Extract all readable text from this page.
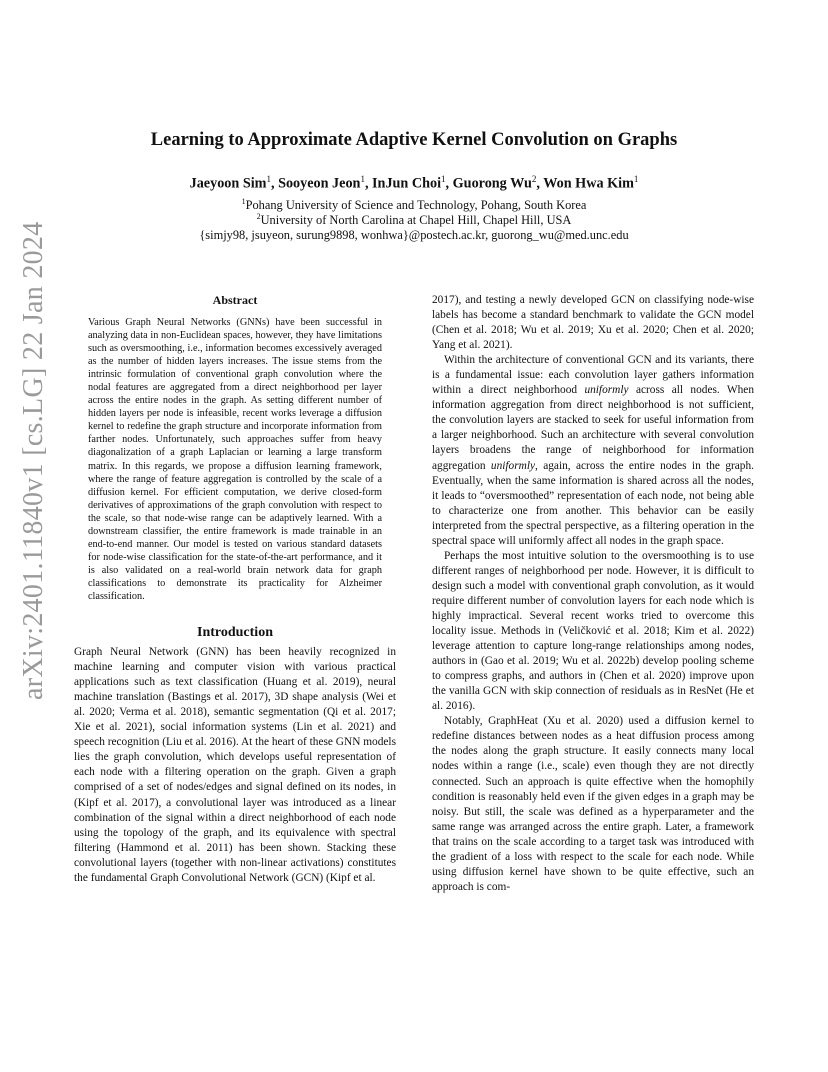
arXiv:2401.11840v1 [cs.LG] 22 Jan 2024
Learning to Approximate Adaptive Kernel Convolution on Graphs
Jaeyoon Sim$^1$, Sooyeon Jeon$^1$, InJun Choi$^1$, Guorong Wu$^2$, Won Hwa Kim$^1$
$^1$Pohang University of Science and Technology, Pohang, South Korea
$^2$University of North Carolina at Chapel Hill, Chapel Hill, USA
{simjy98, jsuyeon, surung9898, wonhwa}@postech.ac.kr, guorong_wu@med.unc.edu
Abstract

Various Graph Neural Networks (GNNs) have been successful in analyzing data in non-Euclidean spaces, however, they have limitations such as oversmoothing, i.e., information becomes excessively averaged as the number of hidden layers increases. The issue stems from the intrinsic formulation of conventional graph convolution where the nodal features are aggregated from a direct neighborhood per layer across the entire nodes in the graph. As setting different number of hidden layers per node is infeasible, recent works leverage a diffusion kernel to redefine the graph structure and incorporate information from farther nodes. Unfortunately, such approaches suffer from heavy diagonalization of a graph Laplacian or learning a large transform matrix. In this regards, we propose a diffusion learning framework, where the range of feature aggregation is controlled by the scale of a diffusion kernel. For efficient computation, we derive closed-form derivatives of approximations of the graph convolution with respect to the scale, so that node-wise range can be adaptively learned. With a downstream classifier, the entire framework is made trainable in an end-to-end manner. Our model is tested on various standard datasets for node-wise classification for the state-of-the-art performance, and it is also validated on a real-world brain network data for graph classifications to demonstrate its practicality for Alzheimer classification.

Introduction

Graph Neural Network (GNN) has been heavily recognized in machine learning and computer vision with various practical applications such as text classification (Huang et al. 2019), neural machine translation (Bastings et al. 2017), 3D shape analysis (Wei et al. 2020; Verma et al. 2018), semantic segmentation (Qi et al. 2017; Xie et al. 2021), social information systems (Lin et al. 2021) and speech recognition (Liu et al. 2016). At the heart of these GNN models lies the graph convolution, which develops useful representation of each node with a filtering operation on the graph. Given a graph comprised of a set of nodes/edges and signal defined on its nodes, in (Kipf et al. 2017), a convolutional layer was introduced as a linear combination of the signal within a direct neighborhood of each node using the topology of the graph, and its equivalence with spectral filtering (Hammond et al. 2011) has been shown. Stacking these convolutional layers (together with non-linear activations) constitutes the fundamental Graph Convolutional Network (GCN) (Kipf et al.

2017), and testing a newly developed GCN on classifying node-wise labels has become a standard benchmark to validate the GCN model (Chen et al. 2018; Wu et al. 2019; Xu et al. 2020; Chen et al. 2020; Yang et al. 2021).

Within the architecture of conventional GCN and its variants, there is a fundamental issue: each convolution layer gathers information within a direct neighborhood uniformly across all nodes. When information aggregation from direct neighborhood is not sufficient, the convolution layers are stacked to seek for useful information from a larger neighborhood. Such an architecture with several convolution layers broadens the range of neighborhood for information aggregation uniformly, again, across the entire nodes in the graph. Eventually, when the same information is shared across all the nodes, it leads to “oversmoothed” representation of each node, not being able to characterize one from another. This behavior can be easily interpreted from the spectral perspective, as a filtering operation in the spectral space will uniformly affect all nodes in the graph space.

Perhaps the most intuitive solution to the oversmoothing is to use different ranges of neighborhood per node. However, it is difficult to design such a model with conventional graph convolution, as it would require different number of convolution layers for each node which is highly impractical. Several recent works tried to overcome this locality issue. Methods in (Veličković et al. 2018; Kim et al. 2022) leverage attention to capture long-range relationships among nodes, authors in (Gao et al. 2019; Wu et al. 2022b) develop pooling scheme to compress graphs, and authors in (Chen et al. 2020) improve upon the vanilla GCN with skip connection of residuals as in ResNet (He et al. 2016).

Notably, GraphHeat (Xu et al. 2020) used a diffusion kernel to redefine distances between nodes as a heat diffusion process among the nodes along the graph structure. It easily connects many local nodes within a range (i.e., scale) even though they are not directly connected. Such an approach is quite effective when the homophily condition is reasonably held even if the given edges in a graph may be noisy. But still, the scale was defined as a hyperparameter and the same range was arranged across the entire graph. Later, a framework that trains on the scale according to a target task was introduced with the gradient of a loss with respect to the scale for each node. While using diffusion kernel have shown to be quite effective, such an approach is com-
